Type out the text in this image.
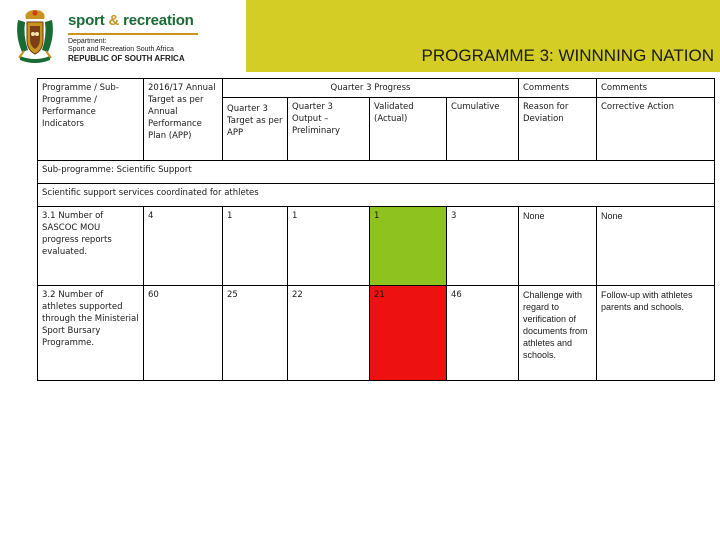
sport & recreation
Department:
Sport and Recreation South Africa
REPUBLIC OF SOUTH AFRICA	PROGRAMME 3: WINNNING NATION
Programme / Sub-Programme / Performance Indicators	2016/17 Annual Target as per Annual Performance Plan (APP)	Quarter 3 Progress				Comments	Comments
		Quarter 3 Target as per APP	Quarter 3 Output – Preliminary	Validated (Actual)	Cumulative	Reason for Deviation	Corrective Action
Sub-programme: Scientific Support							
Scientific support services coordinated for athletes							
3.1 Number of SASCOC MOU progress reports evaluated.	4	1	1	1	3	None	None
3.2 Number of athletes supported through the Ministerial Sport Bursary Programme.	60	25	22	21	46	Challenge with regard to verification of documents from athletes and schools.	Follow-up with athletes parents and schools.
